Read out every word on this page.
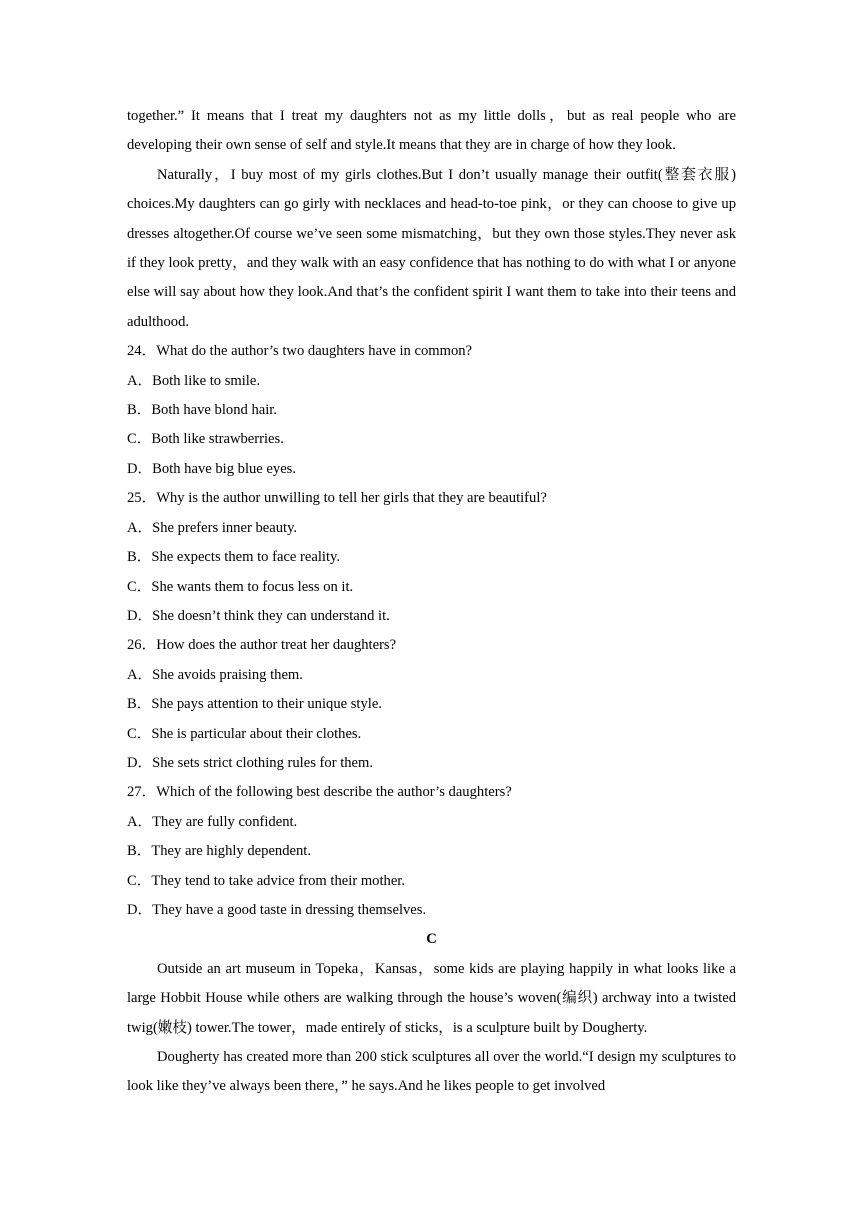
together.” It means that I treat my daughters not as my little dolls，but as real people who are developing their own sense of self and style.It means that they are in charge of how they look.

Naturally，I buy most of my girls clothes.But I don’t usually manage their outfit(整套衣服) choices.My daughters can go girly with necklaces and head-to-toe pink，or they can choose to give up dresses altogether.Of course we’ve seen some mismatching，but they own those styles.They never ask if they look pretty，and they walk with an easy confidence that has nothing to do with what I or anyone else will say about how they look.And that’s the confident spirit I want them to take into their teens and adulthood.

24．What do the author’s two daughters have in common?

A．Both like to smile.

B．Both have blond hair.

C．Both like strawberries.

D．Both have big blue eyes.

25．Why is the author unwilling to tell her girls that they are beautiful?

A．She prefers inner beauty.

B．She expects them to face reality.

C．She wants them to focus less on it.

D．She doesn’t think they can understand it.

26．How does the author treat her daughters?

A．She avoids praising them.

B．She pays attention to their unique style.

C．She is particular about their clothes.

D．She sets strict clothing rules for them.

27．Which of the following best describe the author’s daughters?

A．They are fully confident.

B．They are highly dependent.

C．They tend to take advice from their mother.

D．They have a good taste in dressing themselves.

C

Outside an art museum in Topeka，Kansas，some kids are playing happily in what looks like a large Hobbit House while others are walking through the house’s woven(编织) archway into a twisted twig(嫩枝) tower.The tower，made entirely of sticks，is a sculpture built by Dougherty.

Dougherty has created more than 200 stick sculptures all over the world.“I design my sculptures to look like they’ve always been there，” he says.And he likes people to get involved
